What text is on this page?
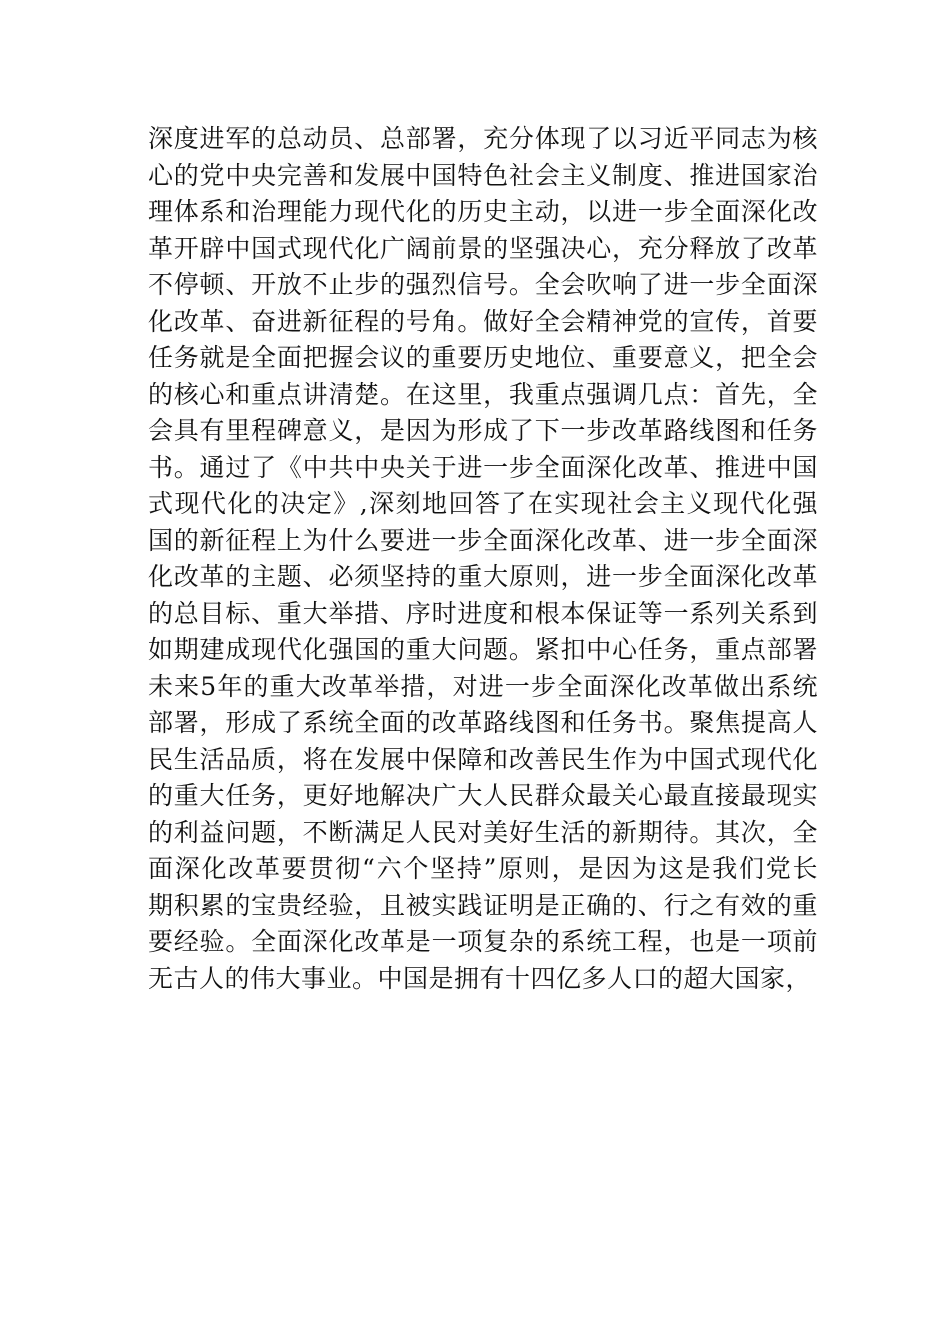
深度进军的总动员、总部署，充分体现了以习近平同志为核
心的党中央完善和发展中国特色社会主义制度、推进国家治
理体系和治理能力现代化的历史主动，以进一步全面深化改
革开辟中国式现代化广阔前景的坚强决心，充分释放了改革
不停顿、开放不止步的强烈信号。全会吹响了进一步全面深
化改革、奋进新征程的号角。做好全会精神党的宣传，首要
任务就是全面把握会议的重要历史地位、重要意义，把全会
的核心和重点讲清楚。在这里，我重点强调几点：首先，全
会具有里程碑意义，是因为形成了下一步改革路线图和任务
书。通过了《中共中央关于进一步全面深化改革、推进中国
式现代化的决定》,深刻地回答了在实现社会主义现代化强
国的新征程上为什么要进一步全面深化改革、进一步全面深
化改革的主题、必须坚持的重大原则，进一步全面深化改革
的总目标、重大举措、序时进度和根本保证等一系列关系到
如期建成现代化强国的重大问题。紧扣中心任务，重点部署
未来5年的重大改革举措，对进一步全面深化改革做出系统
部署，形成了系统全面的改革路线图和任务书。聚焦提高人
民生活品质，将在发展中保障和改善民生作为中国式现代化
的重大任务，更好地解决广大人民群众最关心最直接最现实
的利益问题，不断满足人民对美好生活的新期待。其次，全
面深化改革要贯彻“六个坚持”原则，是因为这是我们党长
期积累的宝贵经验，且被实践证明是正确的、行之有效的重
要经验。全面深化改革是一项复杂的系统工程，也是一项前
无古人的伟大事业。中国是拥有十四亿多人口的超大国家，
